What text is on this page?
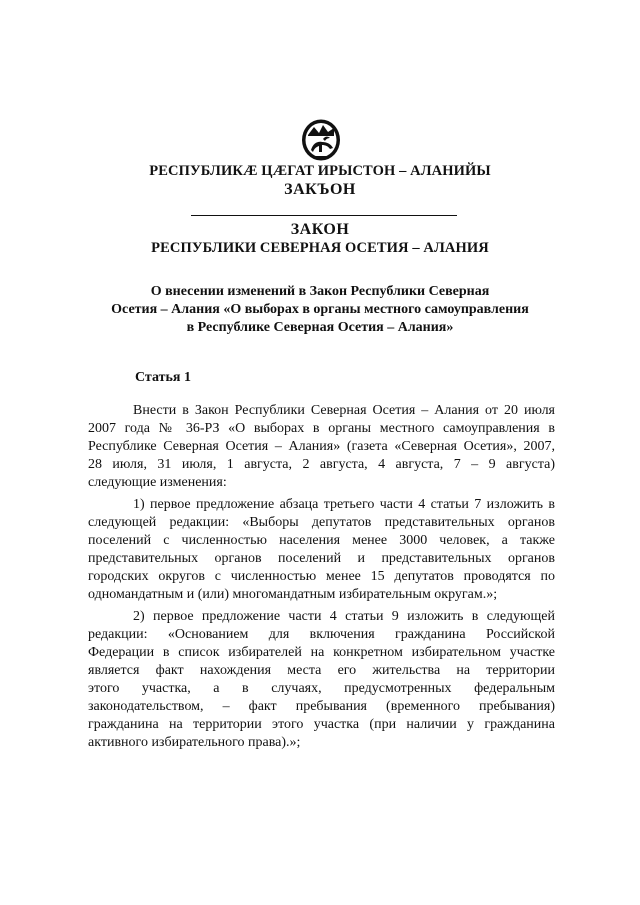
РЕСПУБЛИКӔ ЦӔГАТ ИРЫСТОН – АЛАНИЙЫ
ЗАКЪОН
ЗАКОН
РЕСПУБЛИКИ СЕВЕРНАЯ ОСЕТИЯ – АЛАНИЯ
О внесении изменений в Закон Республики Северная
Осетия – Алания «О выборах в органы местного самоуправления
в Республике Северная Осетия – Алания»
Статья 1
Внести в Закон Республики Северная Осетия – Алания от 20 июля
2007 года № 36-РЗ «О выборах в органы местного самоуправления в
Республике Северная Осетия – Алания» (газета «Северная Осетия», 2007,
28 июля, 31 июля, 1 августа, 2 августа, 4 августа, 7 – 9 августа)
следующие изменения:
1) первое предложение абзаца третьего части 4 статьи 7 изложить в
следующей редакции: «Выборы депутатов представительных органов
поселений с численностью населения менее 3000 человек, а также
представительных органов поселений и представительных органов
городских округов с численностью менее 15 депутатов проводятся по
одномандатным и (или) многомандатным избирательным округам.»;
2) первое предложение части 4 статьи 9 изложить в следующей
редакции: «Основанием для включения гражданина Российской
Федерации в список избирателей на конкретном избирательном участке
является факт нахождения места его жительства на территории
этого участка, а в случаях, предусмотренных федеральным
законодательством, – факт пребывания (временного пребывания)
гражданина на территории этого участка (при наличии у гражданина
активного избирательного права).»;
